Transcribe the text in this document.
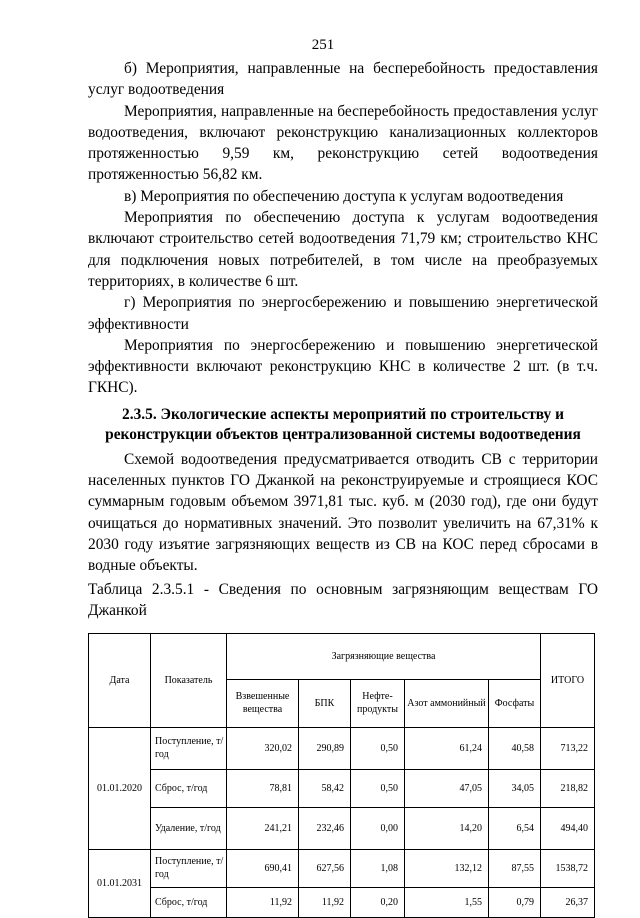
251

б) Мероприятия, направленные на бесперебойность предоставления услуг водоотведения

Мероприятия, направленные на бесперебойность предоставления услуг водоотведения, включают реконструкцию канализационных коллекторов протяженностью 9,59 км, реконструкцию сетей водоотведения протяженностью 56,82 км.

в) Мероприятия по обеспечению доступа к услугам водоотведения

Мероприятия по обеспечению доступа к услугам водоотведения включают строительство сетей водоотведения 71,79 км; строительство КНС для подключения новых потребителей, в том числе на преобразуемых территориях, в количестве 6 шт.

г) Мероприятия по энергосбережению и повышению энергетической эффективности

Мероприятия по энергосбережению и повышению энергетической эффективности включают реконструкцию КНС в количестве 2 шт. (в т.ч. ГКНС).

2.3.5. Экологические аспекты мероприятий по строительству и реконструкции объектов централизованной системы водоотведения

Схемой водоотведения предусматривается отводить СВ с территории населенных пунктов ГО Джанкой на реконструируемые и строящиеся КОС суммарным годовым объемом 3971,81 тыс. куб. м (2030 год), где они будут очищаться до нормативных значений. Это позволит увеличить на 67,31% к 2030 году изъятие загрязняющих веществ из СВ на КОС перед сбросами в водные объекты.

Таблица 2.3.5.1 - Сведения по основным загрязняющим веществам ГО Джанкой

Дата	Показатель	Загрязняющие вещества					ИТОГО
		Взвешенные вещества	БПК	Нефте-продукты	Азот аммонийный	Фосфаты	
01.01.2020	Поступление, т/год	320,02	290,89	0,50	61,24	40,58	713,22
	Сброс, т/год	78,81	58,42	0,50	47,05	34,05	218,82
	Удаление, т/год	241,21	232,46	0,00	14,20	6,54	494,40
01.01.2031	Поступление, т/год	690,41	627,56	1,08	132,12	87,55	1538,72
	Сброс, т/год	11,92	11,92	0,20	1,55	0,79	26,37
